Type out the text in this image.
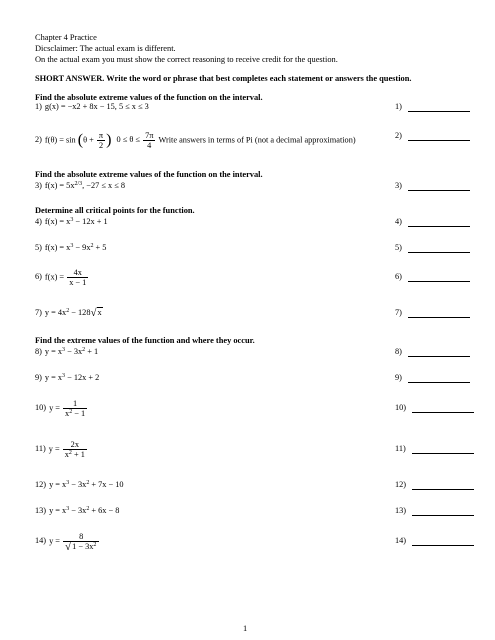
Chapter 4 Practice
Dicsclaimer: The actual exam is different.
On the actual exam you must show the correct reasoning to receive credit for the question.
SHORT ANSWER. Write the word or phrase that best completes each statement or answers the question.
Find the absolute extreme values of the function on the interval.
1) g(x) = −x2 + 8x − 15, 5 ≤ x ≤ 3
2) $f(\theta) = \sin (\theta + \frac{\pi}{2}$ ) $0 \le \theta \le \frac{7\pi}{4}$ Write answers in terms of Pi (not a decimal approximation)
Find the absolute extreme values of the function on the interval.
3) $f(x) = 5x^{2/3}$, −27 ≤ x ≤ 8
Determine all critical points for the function.
4) $f(x) = x^3 - 12x + 1$
5) $f(x) = x^3 - 9x^2 + 5$
6) $f(x) = \frac{4x}{x - 1}$
7) $y = 4x^2 - 128√x$
Find the extreme values of the function and where they occur.
8) $y = x^3 - 3x^2 + 1$
9) $y = x^3 - 12x + 2$
10) $y = \frac{1}{x^2 - 1}$
11) $y = \frac{2x}{x^2 + 1}$
12) $y = x^3 - 3x^2 + 7x - 10$
13) $y = x^3 - 3x^2 + 6x - 8$
14) $y = \frac{8}{√1 - 3x^2}$
1)
2)
3)
4)
5)
6)
7)
8)
9)
10)
11)
12)
13)
14)
1
